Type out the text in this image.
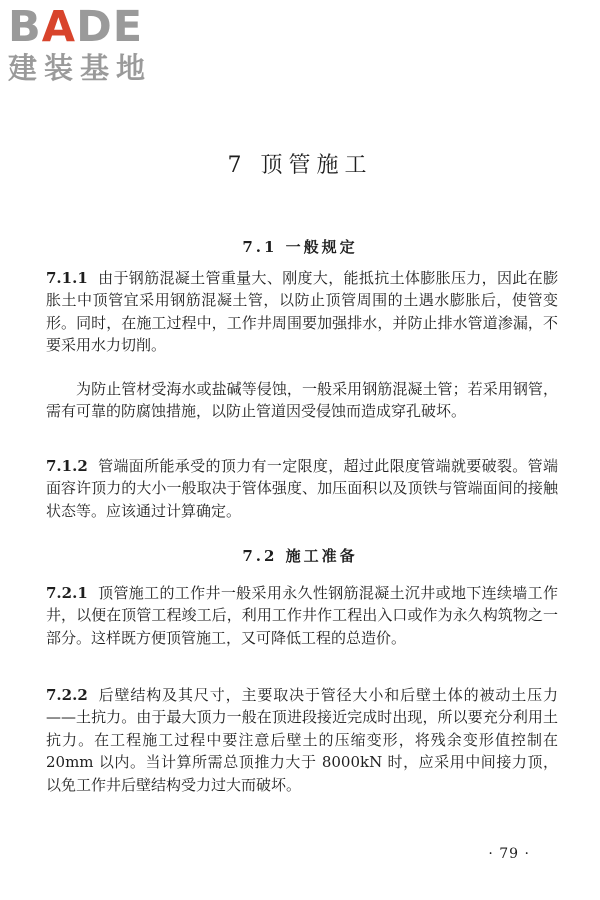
BADE
建装基地
7 顶管施工
7.1 一般规定

7.1.1 由于钢筋混凝土管重量大、刚度大，能抵抗土体膨胀压力，因此在膨胀土中顶管宜采用钢筋混凝土管，以防止顶管周围的土遇水膨胀后，使管变形。同时，在施工过程中，工作井周围要加强排水，并防止排水管道渗漏，不要采用水力切削。

为防止管材受海水或盐碱等侵蚀，一般采用钢筋混凝土管；若采用钢管，需有可靠的防腐蚀措施，以防止管道因受侵蚀而造成穿孔破坏。

7.1.2 管端面所能承受的顶力有一定限度，超过此限度管端就要破裂。管端面容许顶力的大小一般取决于管体强度、加压面积以及顶铁与管端面间的接触状态等。应该通过计算确定。

7.2 施工准备

7.2.1 顶管施工的工作井一般采用永久性钢筋混凝土沉井或地下连续墙工作井，以便在顶管工程竣工后，利用工作井作工程出入口或作为永久构筑物之一部分。这样既方便顶管施工，又可降低工程的总造价。

7.2.2 后壁结构及其尺寸，主要取决于管径大小和后壁土体的被动土压力——土抗力。由于最大顶力一般在顶进段接近完成时出现，所以要充分利用土抗力。在工程施工过程中要注意后壁土的压缩变形，将残余变形值控制在 20mm 以内。当计算所需总顶推力大于 8000kN 时，应采用中间接力顶，以免工作井后壁结构受力过大而破坏。

· 79 ·
